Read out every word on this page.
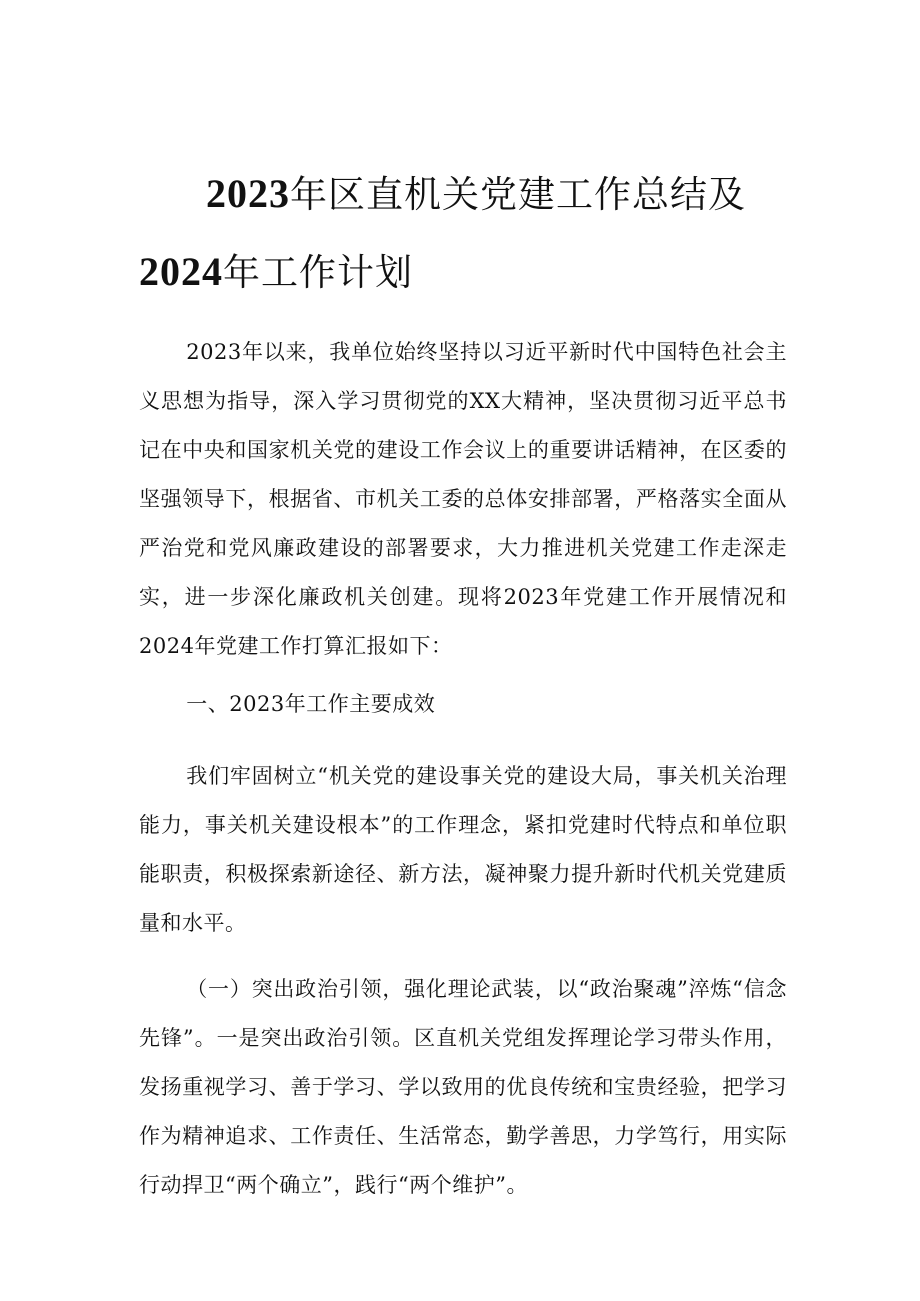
2023年区直机关党建工作总结及
2024年工作计划

2023年以来，我单位始终坚持以习近平新时代中国特色社会主义思想为指导，深入学习贯彻党的XX大精神，坚决贯彻习近平总书记在中央和国家机关党的建设工作会议上的重要讲话精神，在区委的坚强领导下，根据省、市机关工委的总体安排部署，严格落实全面从严治党和党风廉政建设的部署要求，大力推进机关党建工作走深走实，进一步深化廉政机关创建。现将2023年党建工作开展情况和2024年党建工作打算汇报如下：

一、2023年工作主要成效

我们牢固树立“机关党的建设事关党的建设大局，事关机关治理能力，事关机关建设根本”的工作理念，紧扣党建时代特点和单位职能职责，积极探索新途径、新方法，凝神聚力提升新时代机关党建质量和水平。

（一）突出政治引领，强化理论武装，以“政治聚魂”淬炼“信念先锋”。一是突出政治引领。区直机关党组发挥理论学习带头作用，发扬重视学习、善于学习、学以致用的优良传统和宝贵经验，把学习作为精神追求、工作责任、生活常态，勤学善思，力学笃行，用实际行动捍卫“两个确立”，践行“两个维护”。
